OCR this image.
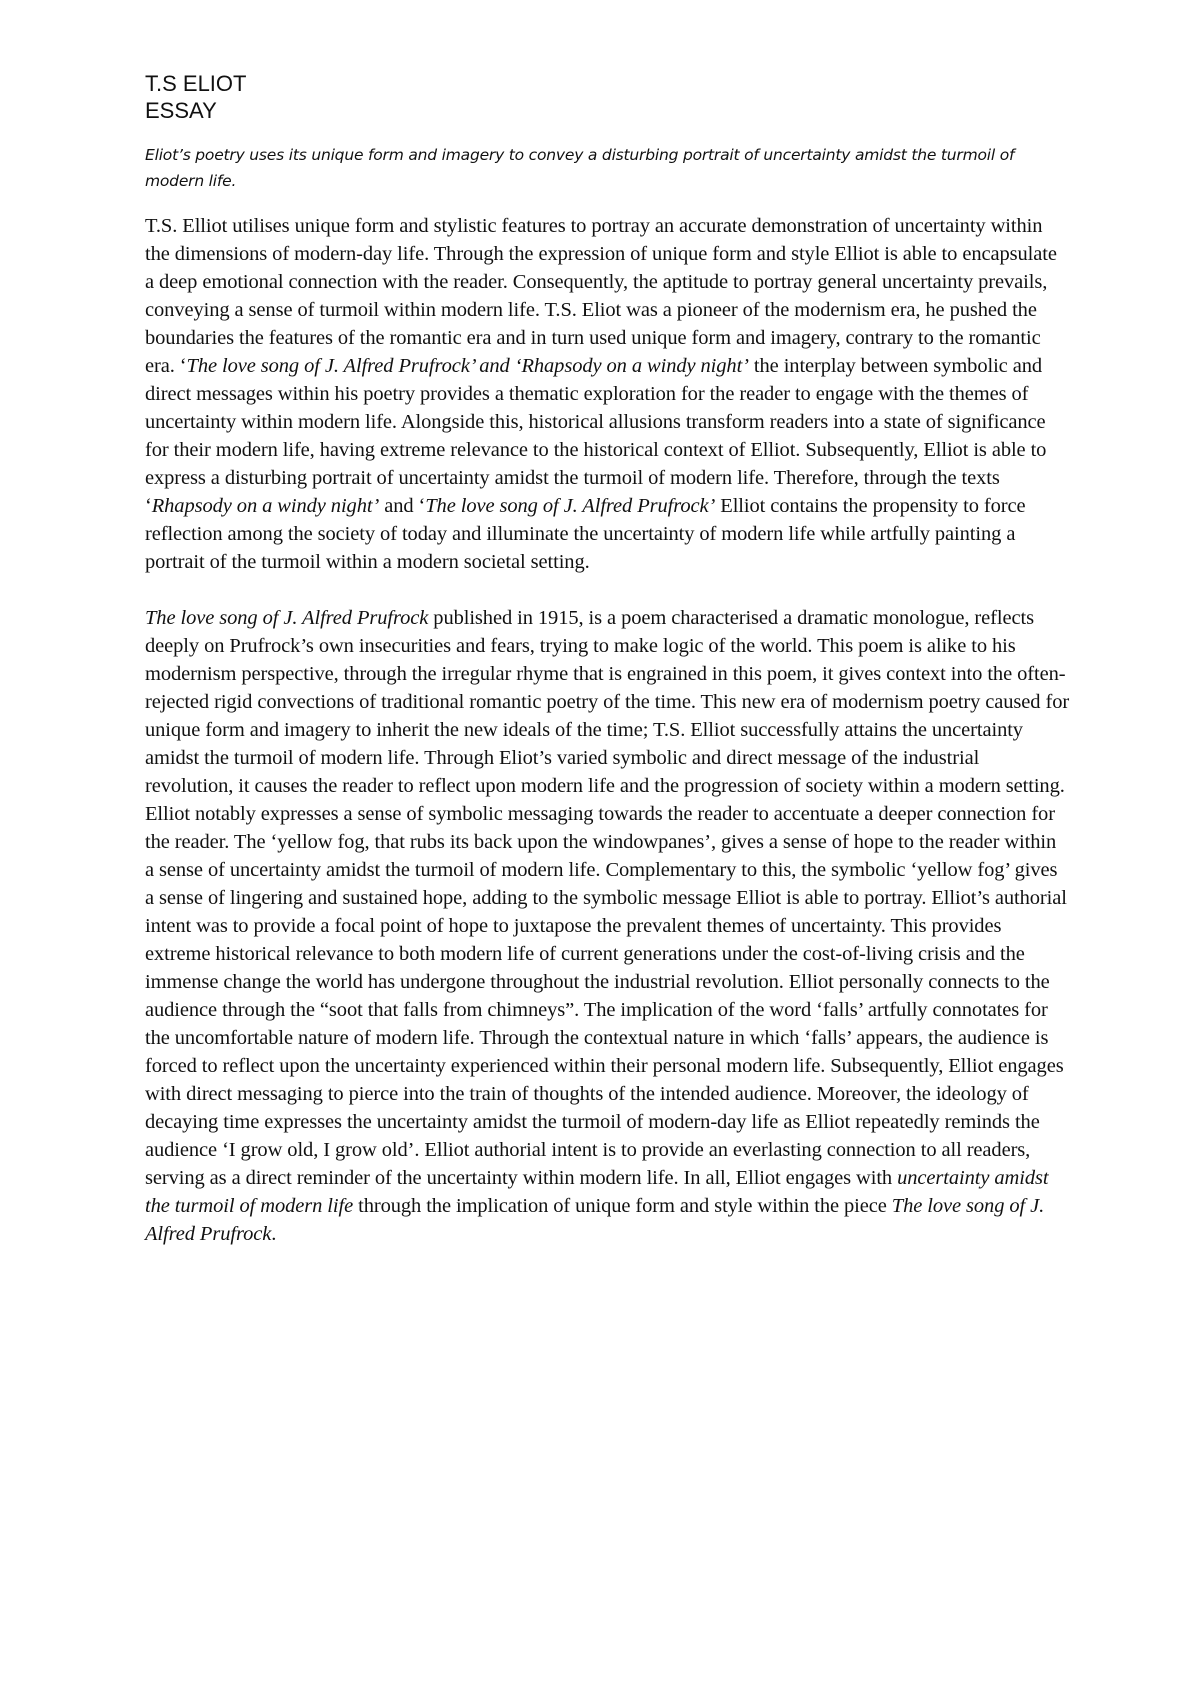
T.S ELIOT
ESSAY

Eliot’s poetry uses its unique form and imagery to convey a disturbing portrait of uncertainty amidst the turmoil of modern life.

T.S. Elliot utilises unique form and stylistic features to portray an accurate demonstration of uncertainty within the dimensions of modern-day life. Through the expression of unique form and style Elliot is able to encapsulate a deep emotional connection with the reader. Consequently, the aptitude to portray general uncertainty prevails, conveying a sense of turmoil within modern life. T.S. Eliot was a pioneer of the modernism era, he pushed the boundaries the features of the romantic era and in turn used unique form and imagery, contrary to the romantic era. ‘The love song of J. Alfred Prufrock’ and ‘Rhapsody on a windy night’ the interplay between symbolic and direct messages within his poetry provides a thematic exploration for the reader to engage with the themes of uncertainty within modern life. Alongside this, historical allusions transform readers into a state of significance for their modern life, having extreme relevance to the historical context of Elliot. Subsequently, Elliot is able to express a disturbing portrait of uncertainty amidst the turmoil of modern life. Therefore, through the texts ‘Rhapsody on a windy night’ and ‘The love song of J. Alfred Prufrock’ Elliot contains the propensity to force reflection among the society of today and illuminate the uncertainty of modern life while artfully painting a portrait of the turmoil within a modern societal setting.

The love song of J. Alfred Prufrock published in 1915, is a poem characterised a dramatic monologue, reflects deeply on Prufrock’s own insecurities and fears, trying to make logic of the world. This poem is alike to his modernism perspective, through the irregular rhyme that is engrained in this poem, it gives context into the often-rejected rigid convections of traditional romantic poetry of the time. This new era of modernism poetry caused for unique form and imagery to inherit the new ideals of the time; T.S. Elliot successfully attains the uncertainty amidst the turmoil of modern life. Through Eliot’s varied symbolic and direct message of the industrial revolution, it causes the reader to reflect upon modern life and the progression of society within a modern setting. Elliot notably expresses a sense of symbolic messaging towards the reader to accentuate a deeper connection for the reader. The ‘yellow fog, that rubs its back upon the windowpanes’, gives a sense of hope to the reader within a sense of uncertainty amidst the turmoil of modern life. Complementary to this, the symbolic ‘yellow fog’ gives a sense of lingering and sustained hope, adding to the symbolic message Elliot is able to portray. Elliot’s authorial intent was to provide a focal point of hope to juxtapose the prevalent themes of uncertainty. This provides extreme historical relevance to both modern life of current generations under the cost-of-living crisis and the immense change the world has undergone throughout the industrial revolution. Elliot personally connects to the audience through the “soot that falls from chimneys”. The implication of the word ‘falls’ artfully connotates for the uncomfortable nature of modern life. Through the contextual nature in which ‘falls’ appears, the audience is forced to reflect upon the uncertainty experienced within their personal modern life. Subsequently, Elliot engages with direct messaging to pierce into the train of thoughts of the intended audience. Moreover, the ideology of decaying time expresses the uncertainty amidst the turmoil of modern-day life as Elliot repeatedly reminds the audience ‘I grow old, I grow old’. Elliot authorial intent is to provide an everlasting connection to all readers, serving as a direct reminder of the uncertainty within modern life. In all, Elliot engages with uncertainty amidst the turmoil of modern life through the implication of unique form and style within the piece The love song of J. Alfred Prufrock.
